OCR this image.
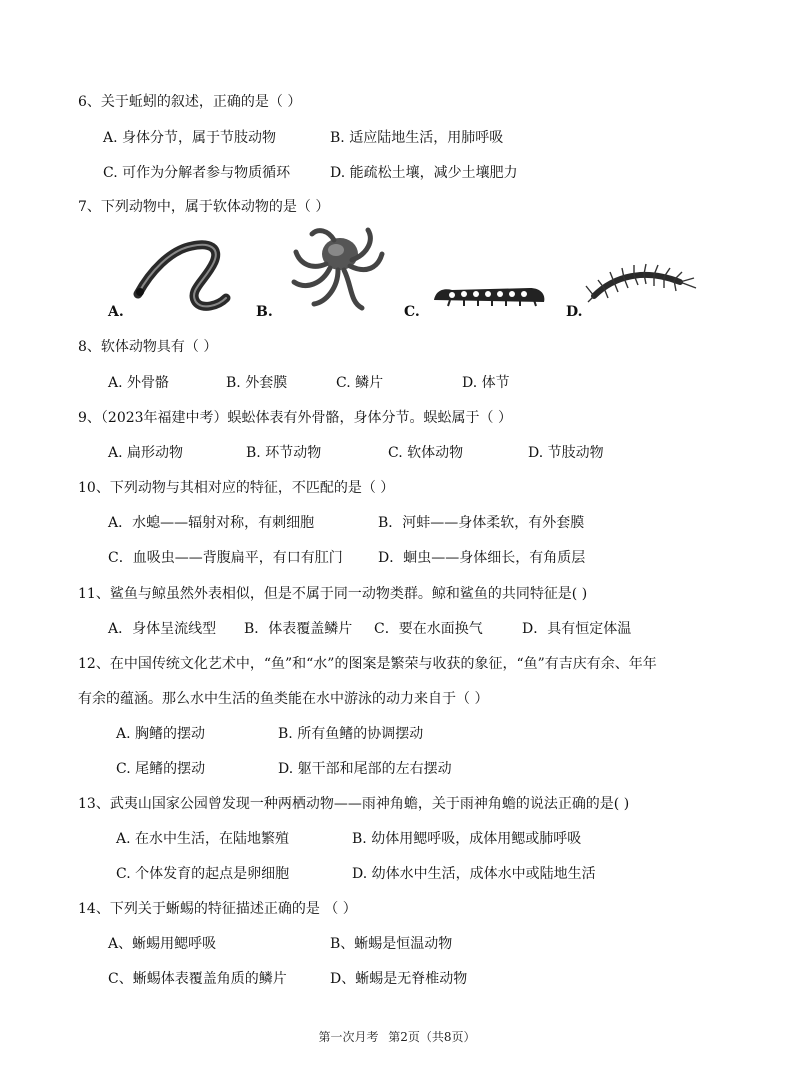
6、关于蚯蚓的叙述，正确的是（ ）
A. 身体分节，属于节肢动物	B. 适应陆地生活，用肺呼吸
C. 可作为分解者参与物质循环	D. 能疏松土壤，减少土壤肥力
7、下列动物中，属于软体动物的是（ ）
A.	B.	C.	D.
8、软体动物具有（ ）
A. 外骨骼	B. 外套膜	C. 鳞片	D. 体节
9、（2023年福建中考）蜈蚣体表有外骨骼，身体分节。蜈蚣属于（ ）
A. 扁形动物	B. 环节动物	C. 软体动物	D. 节肢动物
10、下列动物与其相对应的特征，不匹配的是（ ）
A．水螅——辐射对称，有刺细胞	B．河蚌——身体柔软，有外套膜
C．血吸虫——背腹扁平，有口有肛门	D．蛔虫——身体细长，有角质层
11、鲨鱼与鲸虽然外表相似，但是不属于同一动物类群。鲸和鲨鱼的共同特征是( )
A．身体呈流线型 B．体表覆盖鳞片 C．要在水面换气	D．具有恒定体温
12、在中国传统文化艺术中，“鱼”和“水”的图案是繁荣与收获的象征，“鱼”有吉庆有余、年年
有余的蕴涵。那么水中生活的鱼类能在水中游泳的动力来自于（ ）
A. 胸鳍的摆动	B. 所有鱼鳍的协调摆动
C. 尾鳍的摆动	D. 躯干部和尾部的左右摆动
13、武夷山国家公园曾发现一种两栖动物——雨神角蟾，关于雨神角蟾的说法正确的是( )
A. 在水中生活，在陆地繁殖	B. 幼体用鳃呼吸，成体用鳃或肺呼吸
C. 个体发育的起点是卵细胞	D. 幼体水中生活，成体水中或陆地生活
14、下列关于蜥蜴的特征描述正确的是 （ ）
A、蜥蜴用鳃呼吸	B、蜥蜴是恒温动物
C、蜥蜴体表覆盖角质的鳞片	D、蜥蜴是无脊椎动物
第一次月考 第2页（共8页）
